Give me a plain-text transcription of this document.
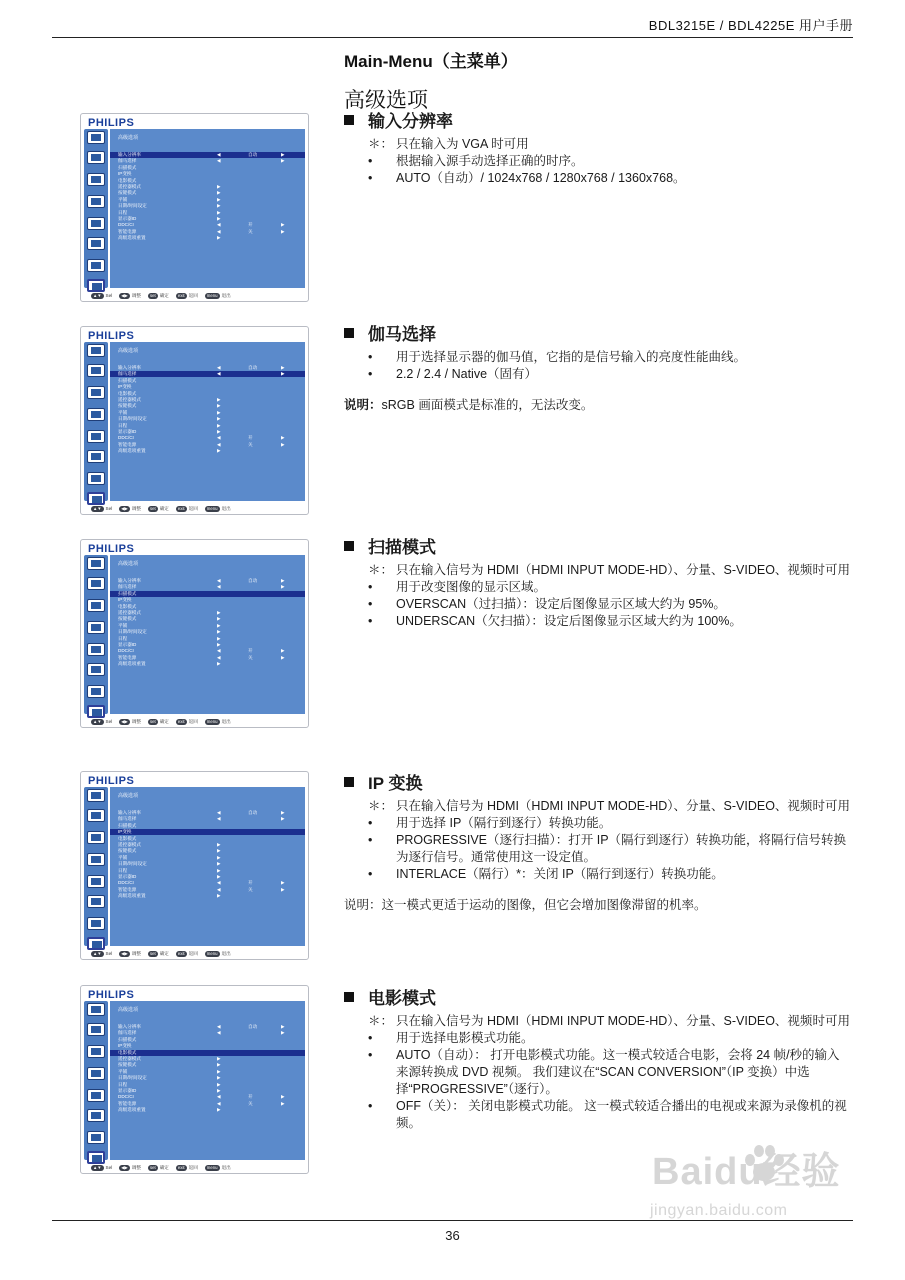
BDL3215E / BDL4225E 用户手册
Main-Menu（主菜单）
高级选项
PHILIPS
高级选项
输入分辨率	◀	自动	▶
伽马选择	◀	▶
扫描模式
IP变换
电影模式
遥控器模式	▶
按键模式	▶
平铺	▶
日期/时间设定	▶
日程	▶
显示器ID	▶
DDC/CI	◀	开	▶
智能电源	◀	关	▶
高级选项重置	▶
▲▼ Sel ◀▶ 调整 set 确定 exit 返回 menu 退出
PHILIPS
高级选项
输入分辨率	◀	自动	▶
伽马选择	◀	▶
扫描模式
IP变换
电影模式
遥控器模式	▶
按键模式	▶
平铺	▶
日期/时间设定	▶
日程	▶
显示器ID	▶
DDC/CI	◀	开	▶
智能电源	◀	关	▶
高级选项重置	▶
▲▼ Sel ◀▶ 调整 set 确定 exit 返回 menu 退出
PHILIPS
高级选项
输入分辨率	◀	自动	▶
伽马选择	◀	▶
扫描模式
IP变换
电影模式
遥控器模式	▶
按键模式	▶
平铺	▶
日期/时间设定	▶
日程	▶
显示器ID	▶
DDC/CI	◀	开	▶
智能电源	◀	关	▶
高级选项重置	▶
▲▼ Sel ◀▶ 调整 set 确定 exit 返回 menu 退出
PHILIPS
高级选项
输入分辨率	◀	自动	▶
伽马选择	◀	▶
扫描模式
IP变换
电影模式
遥控器模式	▶
按键模式	▶
平铺	▶
日期/时间设定	▶
日程	▶
显示器ID	▶
DDC/CI	◀	开	▶
智能电源	◀	关	▶
高级选项重置	▶
▲▼ Sel ◀▶ 调整 set 确定 exit 返回 menu 退出
PHILIPS
高级选项
输入分辨率	◀	自动	▶
伽马选择	◀	▶
扫描模式
IP变换
电影模式
遥控器模式	▶
按键模式	▶
平铺	▶
日期/时间设定	▶
日程	▶
显示器ID	▶
DDC/CI	◀	开	▶
智能电源	◀	关	▶
高级选项重置	▶
▲▼ Sel ◀▶ 调整 set 确定 exit 返回 menu 退出
输入分辨率
＊： 只在输入为 VGA 时可用
• 根据输入源手动选择正确的时序。
• AUTO（自动）/ 1024x768 / 1280x768 / 1360x768。
伽马选择
• 用于选择显示器的伽马值，它指的是信号输入的亮度性能曲线。
• 2.2 / 2.4 / Native（固有）
说明：sRGB 画面模式是标准的，无法改变。
扫描模式
＊： 只在输入信号为 HDMI（HDMI INPUT MODE-HD）、分量、S-VIDEO、视频时可用
• 用于改变图像的显示区域。
• OVERSCAN（过扫描）：设定后图像显示区域大约为 95%。
• UNDERSCAN（欠扫描）：设定后图像显示区域大约为 100%。
IP 变换
＊： 只在输入信号为 HDMI（HDMI INPUT MODE-HD）、分量、S-VIDEO、视频时可用
• 用于选择 IP（隔行到逐行）转换功能。
• PROGRESSIVE（逐行扫描）：打开 IP（隔行到逐行）转换功能，将隔行信号转换为逐行信号。通常使用这一设定值。
• INTERLACE（隔行）*：关闭 IP（隔行到逐行）转换功能。
说明：这一模式更适于运动的图像，但它会增加图像滞留的机率。
电影模式
＊： 只在输入信号为 HDMI（HDMI INPUT MODE-HD）、分量、S-VIDEO、视频时可用
• 用于选择电影模式功能。
• AUTO（自动）： 打开电影模式功能。这一模式较适合电影，会将 24 帧/秒的输入来源转换成 DVD 视频。 我们建议在“SCAN CONVERSION”（IP 变换）中选择“PROGRESSIVE”（逐行）。
• OFF（关）： 关闭电影模式功能。 这一模式较适合播出的电视或来源为录像机的视频。
Baidu经验
jingyan.baidu.com
36
